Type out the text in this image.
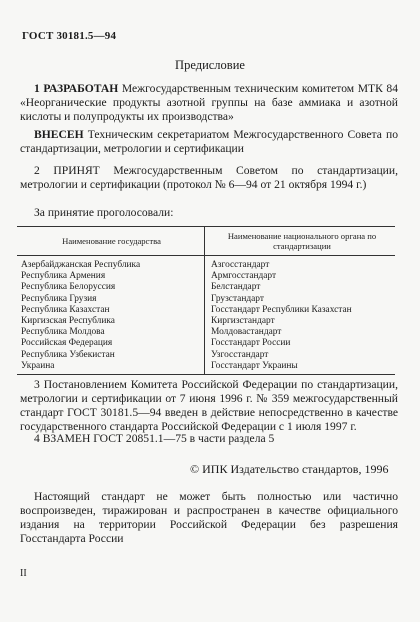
ГОСТ 30181.5—94
Предисловие
1 РАЗРАБОТАН Межгосударственным техническим комитетом МТК 84 «Неорганические продукты азотной группы на базе аммиака и азотной кислоты и полупродукты их производства»
ВНЕСЕН Техническим секретариатом Межгосударственного Совета по стандартизации, метрологии и сертификации
2 ПРИНЯТ Межгосударственным Советом по стандартизации, метрологии и сертификации (протокол № 6—94 от 21 октября 1994 г.)
За принятие проголосовали:
Наименование государства	Наименование национального органа по стандартизации
Азербайджанская Республика	Азгосстандарт
Республика Армения	Армгосстандарт
Республика Белоруссия	Белстандарт
Республика Грузия	Грузстандарт
Республика Казахстан	Госстандарт Республики Казахстан
Киргизская Республика	Киргизстандарт
Республика Молдова	Молдовастандарт
Российская Федерация	Госстандарт России
Республика Узбекистан	Узгосстандарт
Украина	Госстандарт Украины
3 Постановлением Комитета Российской Федерации по стандартизации, метрологии и сертификации от 7 июня 1996 г. № 359 межгосударственный стандарт ГОСТ 30181.5—94 введен в действие непосредственно в качестве государственного стандарта Российской Федерации с 1 июля 1997 г.
4 ВЗАМЕН ГОСТ 20851.1—75 в части раздела 5
© ИПК Издательство стандартов, 1996
Настоящий стандарт не может быть полностью или частично воспроизведен, тиражирован и распространен в качестве официального издания на территории Российской Федерации без разрешения Госстандарта России
II
